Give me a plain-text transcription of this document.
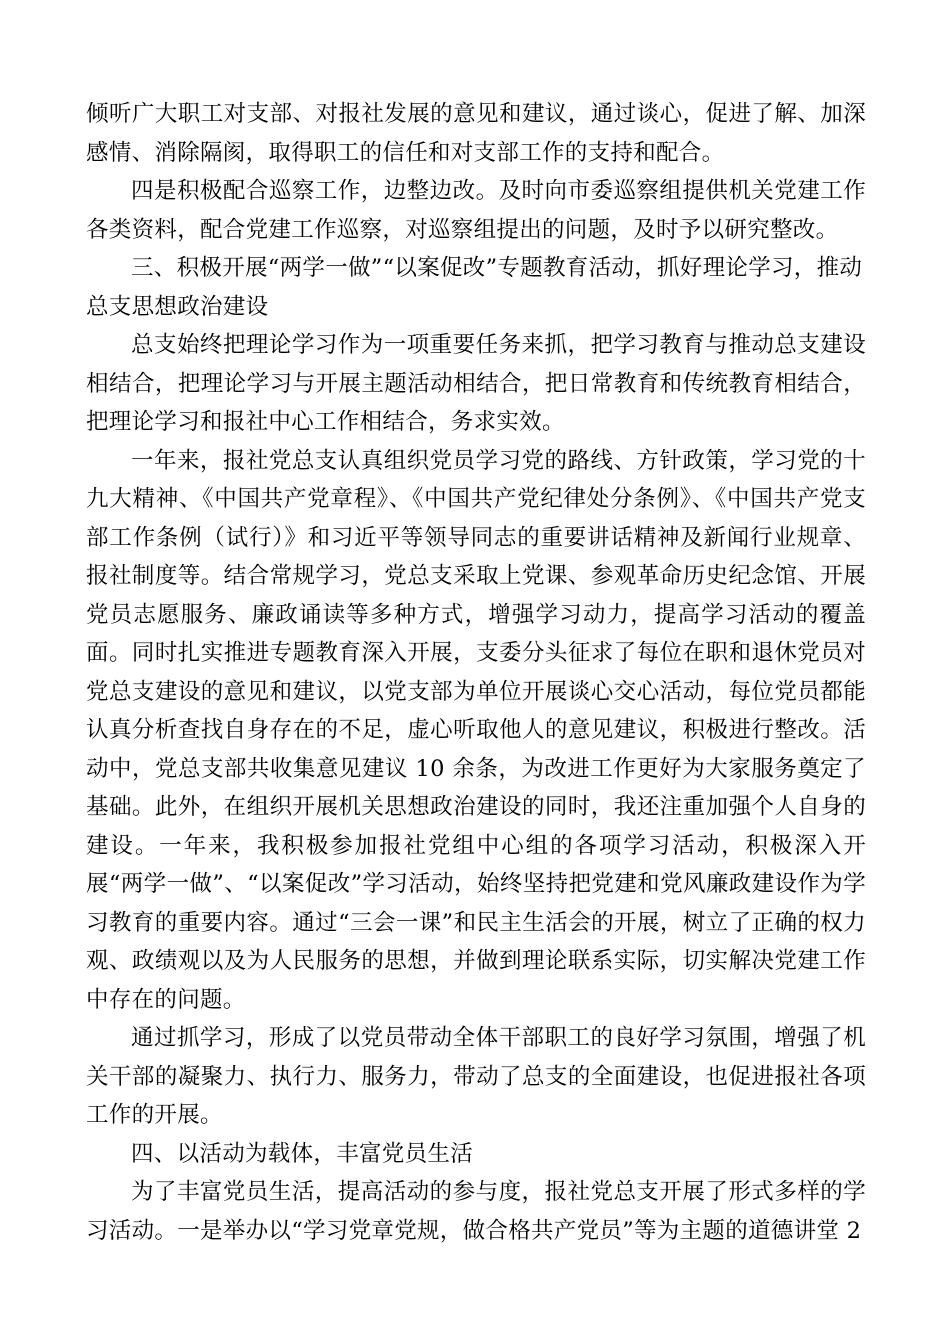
倾听广大职工对支部、对报社发展的意见和建议，通过谈心，促进了解、加深感情、消除隔阂，取得职工的信任和对支部工作的支持和配合。

四是积极配合巡察工作，边整边改。及时向市委巡察组提供机关党建工作各类资料，配合党建工作巡察，对巡察组提出的问题，及时予以研究整改。

三、积极开展“两学一做”“以案促改”专题教育活动，抓好理论学习，推动总支思想政治建设

总支始终把理论学习作为一项重要任务来抓，把学习教育与推动总支建设相结合，把理论学习与开展主题活动相结合，把日常教育和传统教育相结合，把理论学习和报社中心工作相结合，务求实效。

一年来，报社党总支认真组织党员学习党的路线、方针政策，学习党的十九大精神、《中国共产党章程》、《中国共产党纪律处分条例》、《中国共产党支部工作条例（试行）》和习近平等领导同志的重要讲话精神及新闻行业规章、报社制度等。结合常规学习，党总支采取上党课、参观革命历史纪念馆、开展党员志愿服务、廉政诵读等多种方式，增强学习动力，提高学习活动的覆盖面。同时扎实推进专题教育深入开展，支委分头征求了每位在职和退休党员对党总支建设的意见和建议，以党支部为单位开展谈心交心活动，每位党员都能认真分析查找自身存在的不足，虚心听取他人的意见建议，积极进行整改。活动中，党总支部共收集意见建议 10 余条，为改进工作更好为大家服务奠定了基础。此外，在组织开展机关思想政治建设的同时，我还注重加强个人自身的建设。一年来，我积极参加报社党组中心组的各项学习活动，积极深入开展“两学一做”、“以案促改”学习活动，始终坚持把党建和党风廉政建设作为学习教育的重要内容。通过“三会一课”和民主生活会的开展，树立了正确的权力观、政绩观以及为人民服务的思想，并做到理论联系实际，切实解决党建工作中存在的问题。

通过抓学习，形成了以党员带动全体干部职工的良好学习氛围，增强了机关干部的凝聚力、执行力、服务力，带动了总支的全面建设，也促进报社各项工作的开展。

四、以活动为载体，丰富党员生活

为了丰富党员生活，提高活动的参与度，报社党总支开展了形式多样的学习活动。一是举办以“学习党章党规，做合格共产党员”等为主题的道德讲堂 2
